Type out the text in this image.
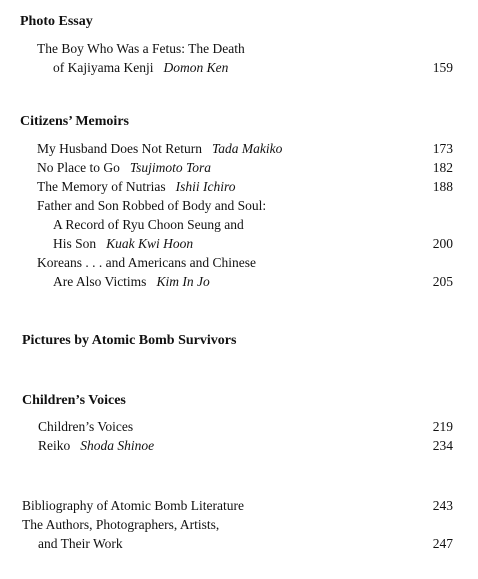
Photo Essay
The Boy Who Was a Fetus: The Death
of Kajiyama Kenji Domon Ken	159
Citizens’ Memoirs
My Husband Does Not Return Tada Makiko	173
No Place to Go Tsujimoto Tora	182
The Memory of Nutrias Ishii Ichiro	188
Father and Son Robbed of Body and Soul:
A Record of Ryu Choon Seung and
His Son Kuak Kwi Hoon	200
Koreans . . . and Americans and Chinese
Are Also Victims Kim In Jo	205
Pictures by Atomic Bomb Survivors
Children’s Voices
Children’s Voices	219
Reiko Shoda Shinoe	234
Bibliography of Atomic Bomb Literature	243
The Authors, Photographers, Artists,
and Their Work	247
